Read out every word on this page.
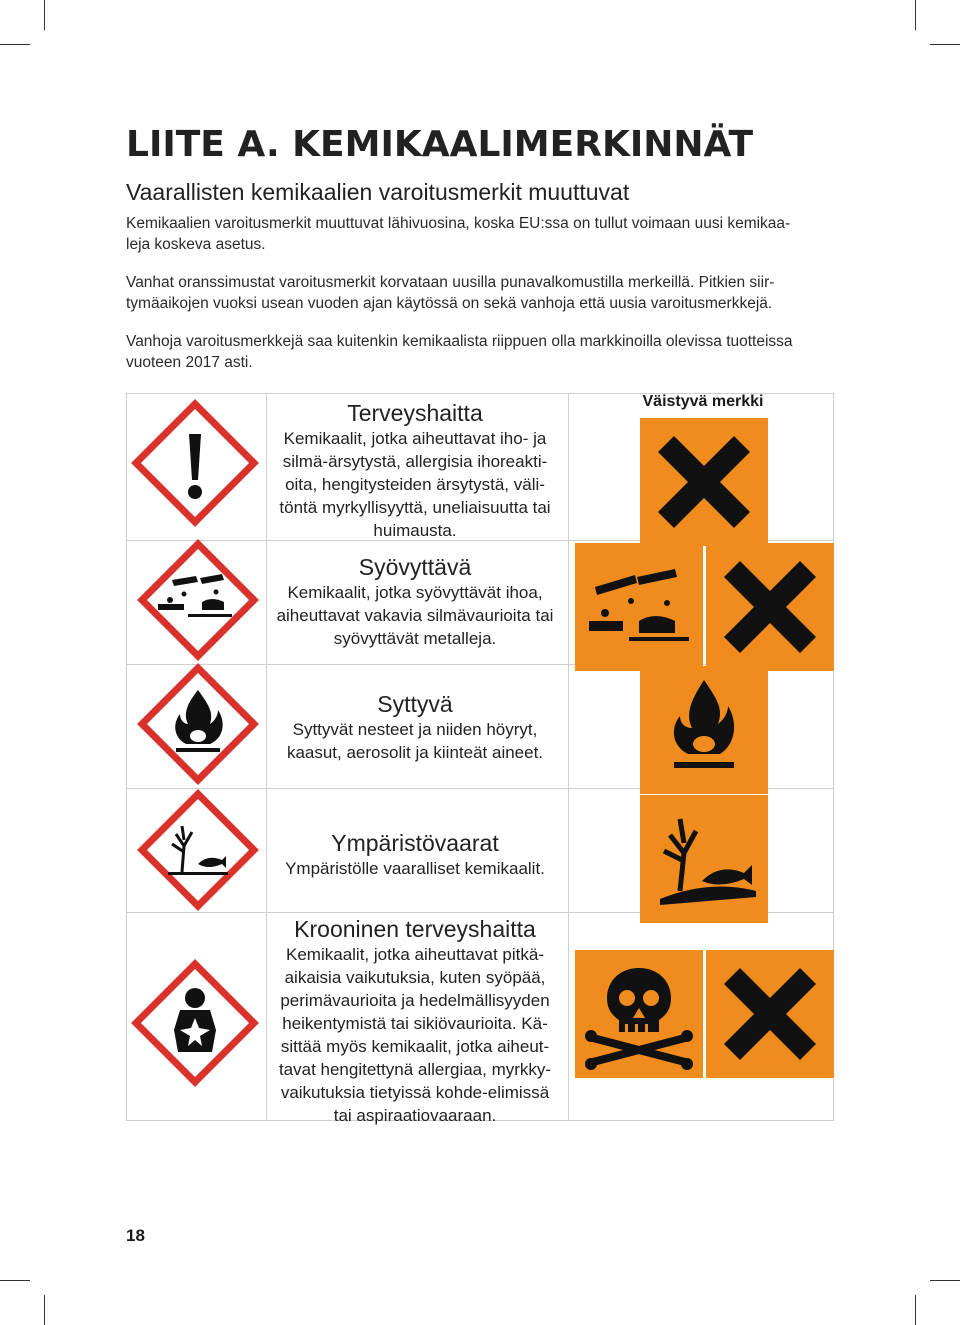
LIITE A. KEMIKAALIMERKINNÄT
Vaarallisten kemikaalien varoitusmerkit muuttuvat
Kemikaalien varoitusmerkit muuttuvat lähivuosina, koska EU:ssa on tullut voimaan uusi kemikaa-
leja koskeva asetus.
Vanhat oranssimustat varoitusmerkit korvataan uusilla punavalkomustilla merkeillä. Pitkien siir-
tymäaikojen vuoksi usean vuoden ajan käytössä on sekä vanhoja että uusia varoitusmerkkejä.
Vanhoja varoitusmerkkejä saa kuitenkin kemikaalista riippuen olla markkinoilla olevissa tuotteissa
vuoteen 2017 asti.
Väistyvä merkki
Terveyshaitta
Kemikaalit, jotka aiheuttavat iho- ja
silmä-ärsytystä, allergisia ihoreakti-
oita, hengitysteiden ärsytystä, väli-
töntä myrkyllisyyttä, uneliaisuutta tai
huimausta.
Syövyttävä
Kemikaalit, jotka syövyttävät ihoa,
aiheuttavat vakavia silmävaurioita tai
syövyttävät metalleja.
Syttyvä
Syttyvät nesteet ja niiden höyryt,
kaasut, aerosolit ja kiinteät aineet.
Ympäristövaarat
Ympäristölle vaaralliset kemikaalit.
Krooninen terveyshaitta
Kemikaalit, jotka aiheuttavat pitkä-
aikaisia vaikutuksia, kuten syöpää,
perimävaurioita ja hedelmällisyyden
heikentymistä tai sikiövaurioita. Kä-
sittää myös kemikaalit, jotka aiheut-
tavat hengitettynä allergiaa, myrkky-
vaikutuksia tietyissä kohde-elimissä
tai aspiraatiovaaraan.
18
